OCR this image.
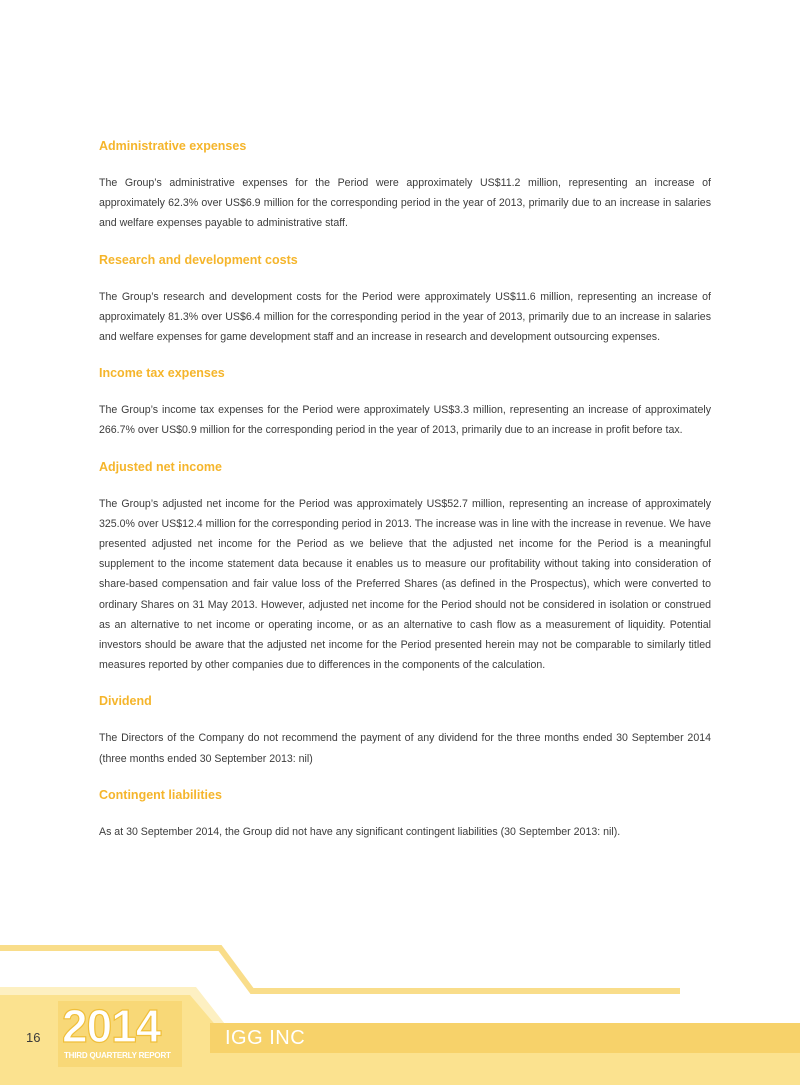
Administrative expenses

The Group’s administrative expenses for the Period were approximately US$11.2 million, representing an increase of approximately 62.3% over US$6.9 million for the corresponding period in the year of 2013, primarily due to an increase in salaries and welfare expenses payable to administrative staff.

Research and development costs

The Group’s research and development costs for the Period were approximately US$11.6 million, representing an increase of approximately 81.3% over US$6.4 million for the corresponding period in the year of 2013, primarily due to an increase in salaries and welfare expenses for game development staff and an increase in research and development outsourcing expenses.

Income tax expenses

The Group’s income tax expenses for the Period were approximately US$3.3 million, representing an increase of approximately 266.7% over US$0.9 million for the corresponding period in the year of 2013, primarily due to an increase in profit before tax.

Adjusted net income

The Group’s adjusted net income for the Period was approximately US$52.7 million, representing an increase of approximately 325.0% over US$12.4 million for the corresponding period in 2013. The increase was in line with the increase in revenue. We have presented adjusted net income for the Period as we believe that the adjusted net income for the Period is a meaningful supplement to the income statement data because it enables us to measure our profitability without taking into consideration of share-based compensation and fair value loss of the Preferred Shares (as defined in the Prospectus), which were converted to ordinary Shares on 31 May 2013. However, adjusted net income for the Period should not be considered in isolation or construed as an alternative to net income or operating income, or as an alternative to cash flow as a measurement of liquidity. Potential investors should be aware that the adjusted net income for the Period presented herein may not be comparable to similarly titled measures reported by other companies due to differences in the components of the calculation.

Dividend

The Directors of the Company do not recommend the payment of any dividend for the three months ended 30 September 2014 (three months ended 30 September 2013: nil)

Contingent liabilities

As at 30 September 2014, the Group did not have any significant contingent liabilities (30 September 2013: nil).

16 2014
THIRD QUARTERLY REPORT
IGG INC
